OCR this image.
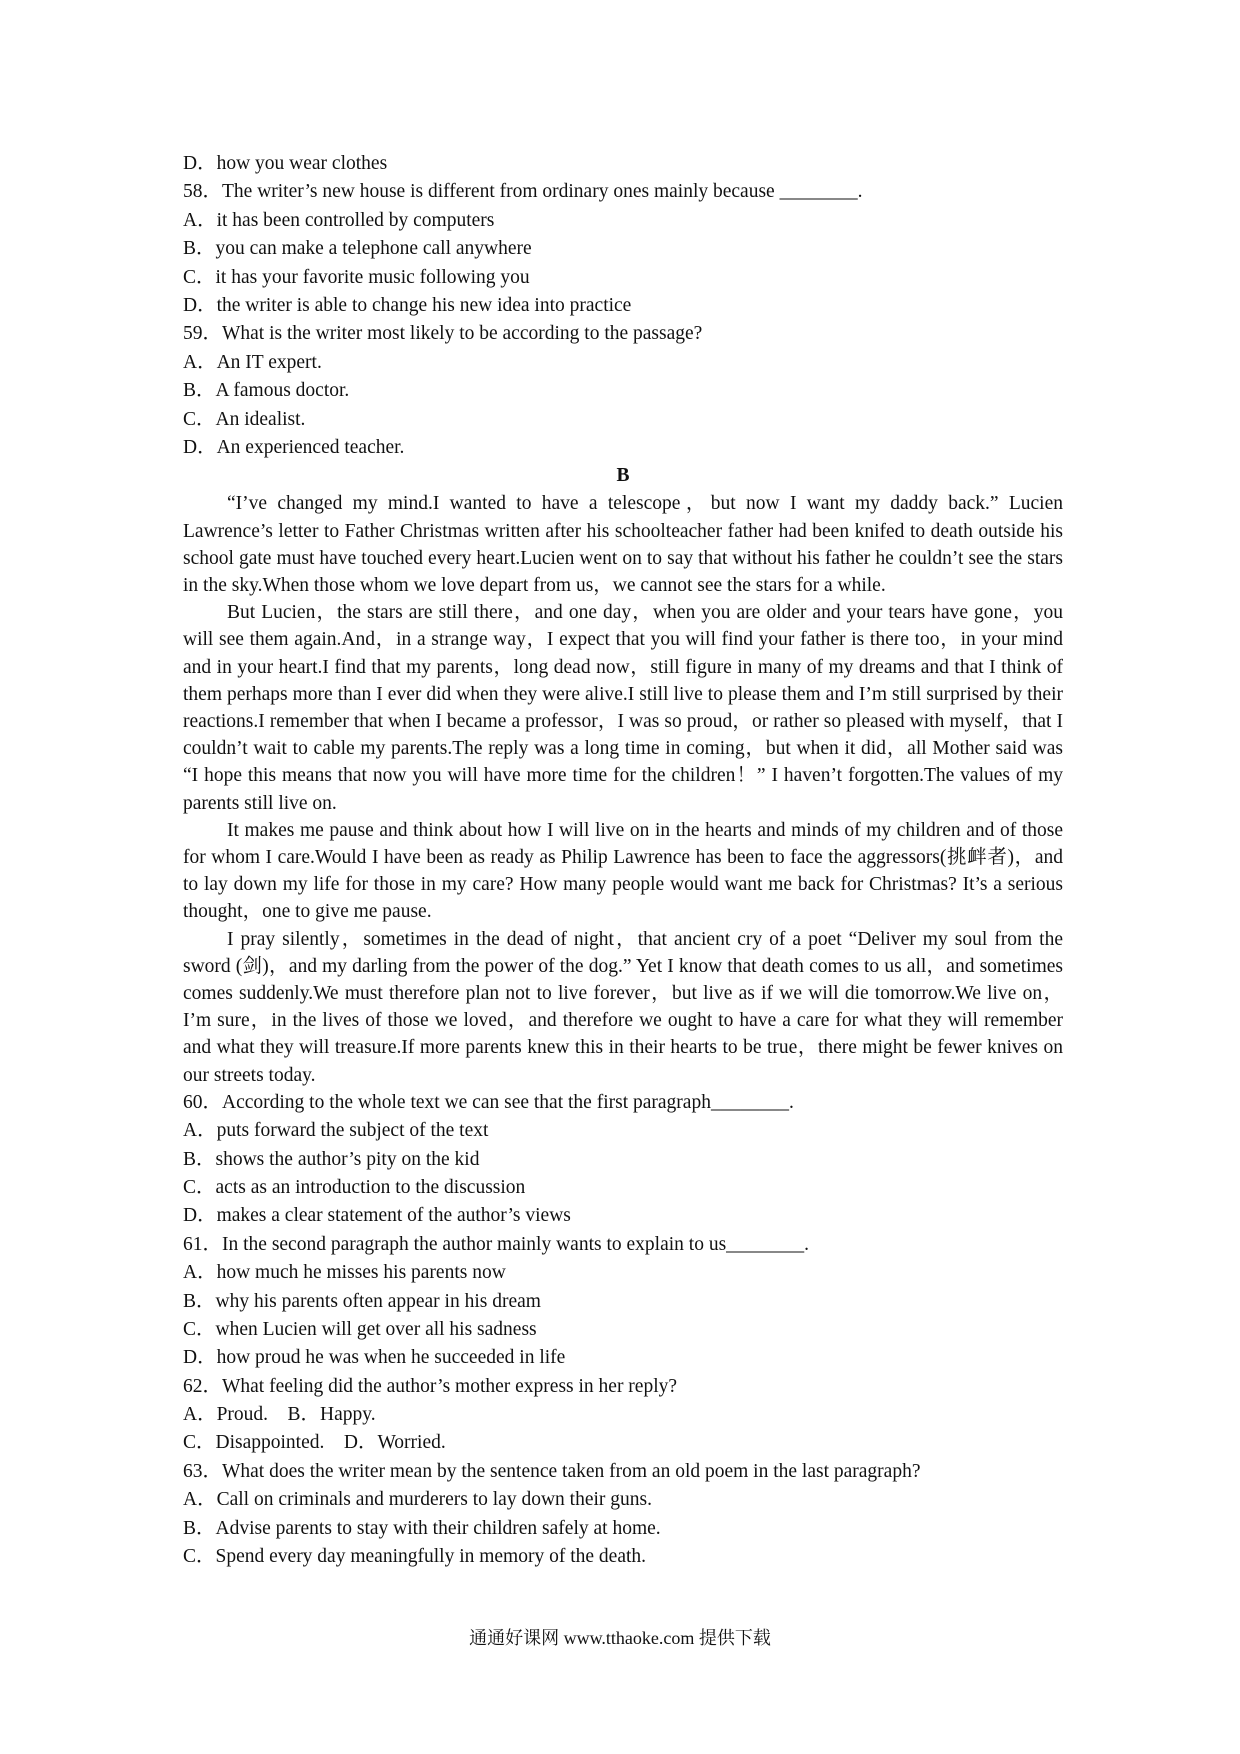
D．how you wear clothes
58．The writer’s new house is different from ordinary ones mainly because ________.
A．it has been controlled by computers
B．you can make a telephone call anywhere
C．it has your favorite music following you
D．the writer is able to change his new idea into practice
59．What is the writer most likely to be according to the passage?
A．An IT expert.
B．A famous doctor.
C．An idealist.
D．An experienced teacher.
B

“I’ve changed my mind.I wanted to have a telescope，but now I want my daddy back.” Lucien Lawrence’s letter to Father Christmas written after his schoolteacher father had been knifed to death outside his school gate must have touched every heart.Lucien went on to say that without his father he couldn’t see the stars in the sky.When those whom we love depart from us，we cannot see the stars for a while.

But Lucien，the stars are still there，and one day，when you are older and your tears have gone，you will see them again.And，in a strange way，I expect that you will find your father is there too，in your mind and in your heart.I find that my parents，long dead now，still figure in many of my dreams and that I think of them perhaps more than I ever did when they were alive.I still live to please them and I’m still surprised by their reactions.I remember that when I became a professor，I was so proud，or rather so pleased with myself，that I couldn’t wait to cable my parents.The reply was a long time in coming，but when it did，all Mother said was “I hope this means that now you will have more time for the children！” I haven’t forgotten.The values of my parents still live on.

It makes me pause and think about how I will live on in the hearts and minds of my children and of those for whom I care.Would I have been as ready as Philip Lawrence has been to face the aggressors(挑衅者)，and to lay down my life for those in my care? How many people would want me back for Christmas? It’s a serious thought，one to give me pause.

I pray silently，sometimes in the dead of night，that ancient cry of a poet “Deliver my soul from the sword (剑)，and my darling from the power of the dog.” Yet I know that death comes to us all，and sometimes comes suddenly.We must therefore plan not to live forever，but live as if we will die tomorrow.We live on，I’m sure，in the lives of those we loved，and therefore we ought to have a care for what they will remember and what they will treasure.If more parents knew this in their hearts to be true，there might be fewer knives on our streets today.

60．According to the whole text we can see that the first paragraph________.
A．puts forward the subject of the text
B．shows the author’s pity on the kid
C．acts as an introduction to the discussion
D．makes a clear statement of the author’s views
61．In the second paragraph the author mainly wants to explain to us________.
A．how much he misses his parents now
B．why his parents often appear in his dream
C．when Lucien will get over all his sadness
D．how proud he was when he succeeded in life
62．What feeling did the author’s mother express in her reply?
A．Proud.　B．Happy.
C．Disappointed.　D．Worried.
63．What does the writer mean by the sentence taken from an old poem in the last paragraph?
A．Call on criminals and murderers to lay down their guns.
B．Advise parents to stay with their children safely at home.
C．Spend every day meaningfully in memory of the death.
通通好课网 www.tthaoke.com 提供下载
